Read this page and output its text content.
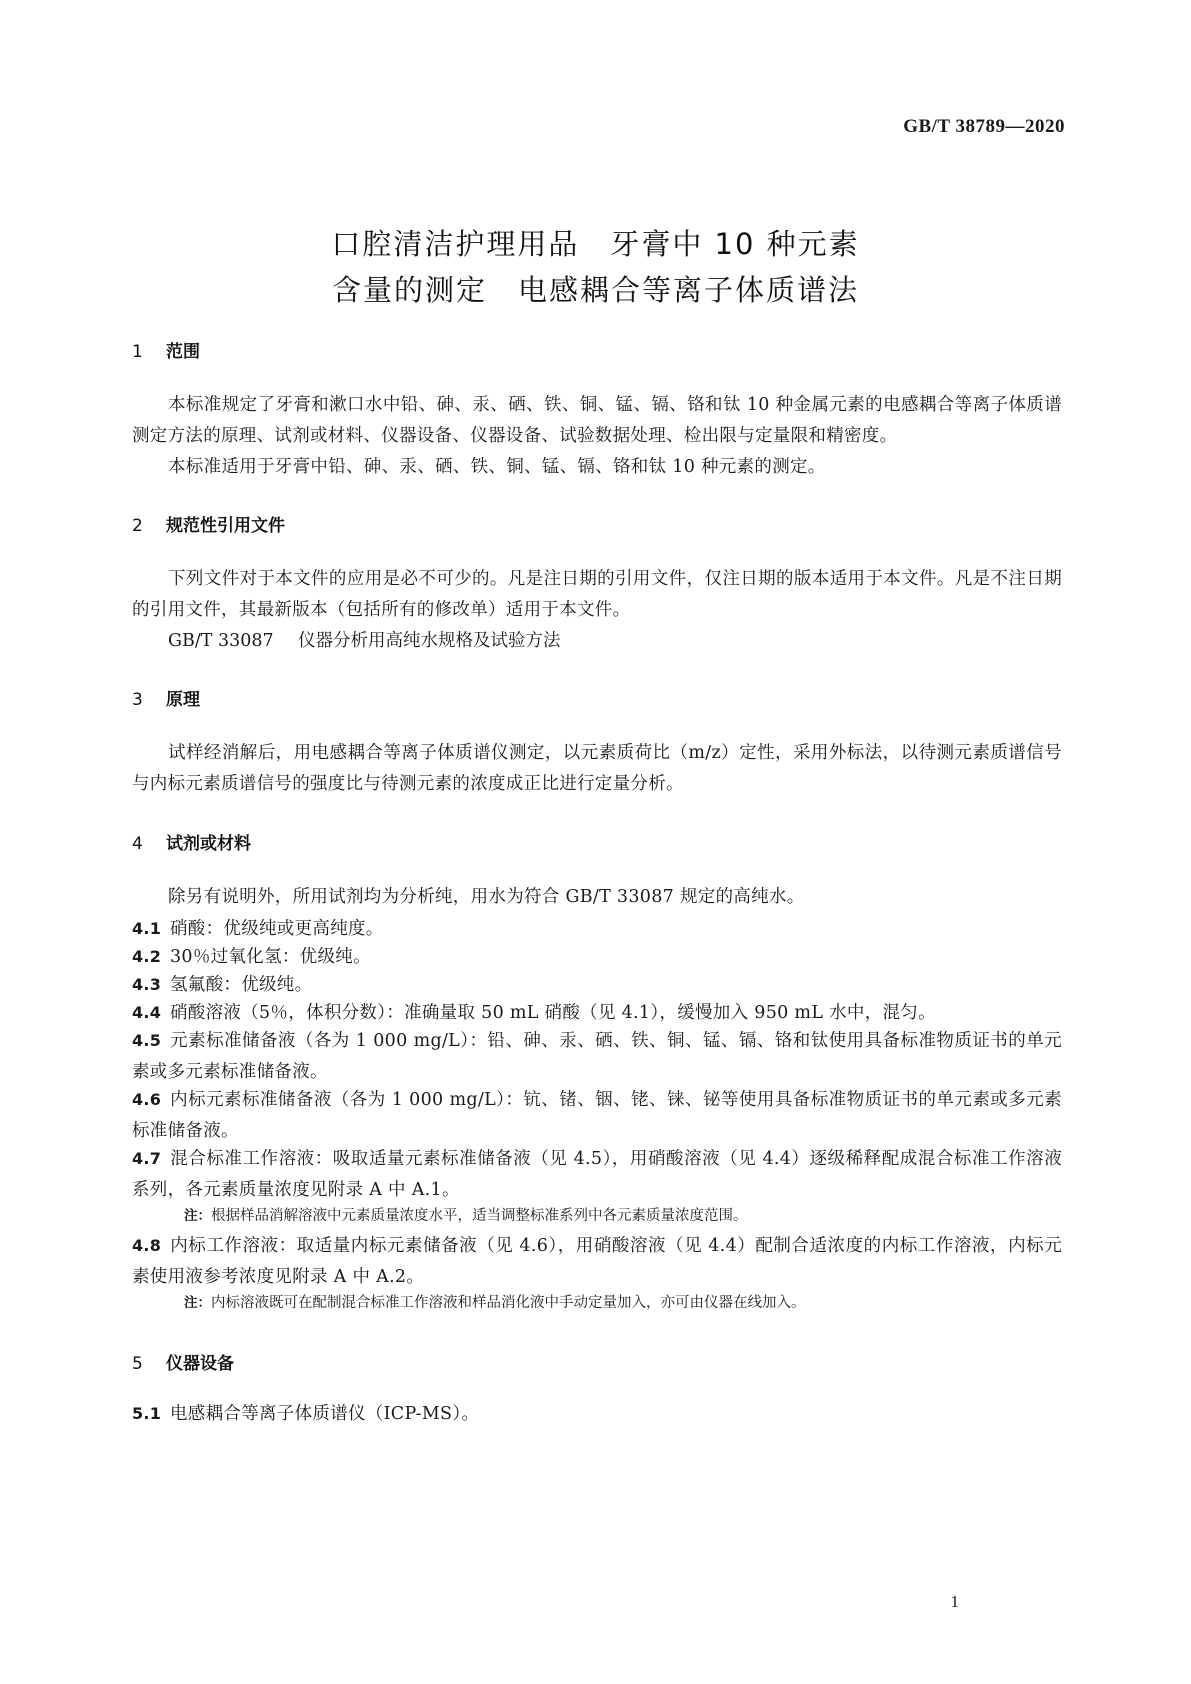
GB/T 38789—2020
口腔清洁护理用品　牙膏中 10 种元素
含量的测定　电感耦合等离子体质谱法
1 范围
本标准规定了牙膏和漱口水中铅、砷、汞、硒、铁、铜、锰、镉、铬和钛 10 种金属元素的电感耦合等离子体质谱测定方法的原理、试剂或材料、仪器设备、仪器设备、试验数据处理、检出限与定量限和精密度。
本标准适用于牙膏中铅、砷、汞、硒、铁、铜、锰、镉、铬和钛 10 种元素的测定。
2 规范性引用文件
下列文件对于本文件的应用是必不可少的。凡是注日期的引用文件，仅注日期的版本适用于本文件。凡是不注日期的引用文件，其最新版本（包括所有的修改单）适用于本文件。
GB/T 33087 仪器分析用高纯水规格及试验方法
3 原理
试样经消解后，用电感耦合等离子体质谱仪测定，以元素质荷比（m/z）定性，采用外标法，以待测元素质谱信号与内标元素质谱信号的强度比与待测元素的浓度成正比进行定量分析。
4 试剂或材料
除另有说明外，所用试剂均为分析纯，用水为符合 GB/T 33087 规定的高纯水。
4.1 硝酸：优级纯或更高纯度。
4.2 30％过氧化氢：优级纯。
4.3 氢氟酸：优级纯。
4.4 硝酸溶液（5％，体积分数）：准确量取 50 mL 硝酸（见 4.1），缓慢加入 950 mL 水中，混匀。
4.5 元素标准储备液（各为 1 000 mg/L）：铅、砷、汞、硒、铁、铜、锰、镉、铬和钛使用具备标准物质证书的单元素或多元素标准储备液。
4.6 内标元素标准储备液（各为 1 000 mg/L）：钪、锗、铟、铑、铼、铋等使用具备标准物质证书的单元素或多元素标准储备液。
4.7 混合标准工作溶液：吸取适量元素标准储备液（见 4.5），用硝酸溶液（见 4.4）逐级稀释配成混合标准工作溶液系列，各元素质量浓度见附录 A 中 A.1。
注：根据样品消解溶液中元素质量浓度水平，适当调整标准系列中各元素质量浓度范围。
4.8 内标工作溶液：取适量内标元素储备液（见 4.6），用硝酸溶液（见 4.4）配制合适浓度的内标工作溶液，内标元素使用液参考浓度见附录 A 中 A.2。
注：内标溶液既可在配制混合标准工作溶液和样品消化液中手动定量加入，亦可由仪器在线加入。
5 仪器设备
5.1 电感耦合等离子体质谱仪（ICP-MS）。
1
